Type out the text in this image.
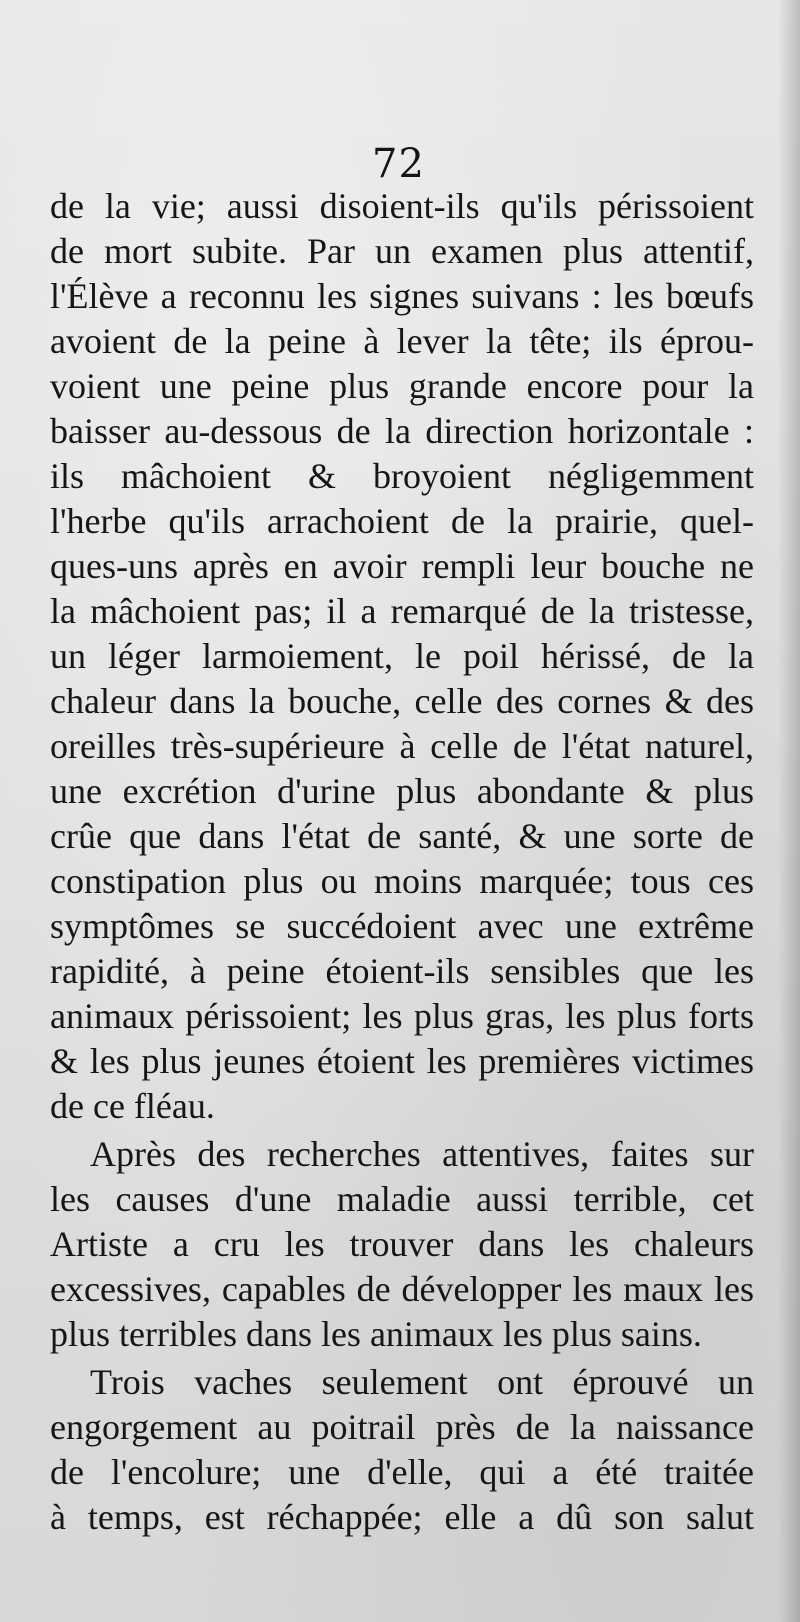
72
de la vie; aussi disoient-ils qu'ils périssoient
de mort subite. Par un examen plus attentif,
l'Élève a reconnu les signes suivans : les bœufs
avoient de la peine à lever la tête; ils éprou-
voient une peine plus grande encore pour la
baisser au-dessous de la direction horizontale :
ils mâchoient & broyoient négligemment
l'herbe qu'ils arrachoient de la prairie, quel-
ques-uns après en avoir rempli leur bouche ne
la mâchoient pas; il a remarqué de la tristesse,
un léger larmoiement, le poil hérissé, de la
chaleur dans la bouche, celle des cornes & des
oreilles très-supérieure à celle de l'état naturel,
une excrétion d'urine plus abondante & plus
crûe que dans l'état de santé, & une sorte de
constipation plus ou moins marquée; tous ces
symptômes se succédoient avec une extrême
rapidité, à peine étoient-ils sensibles que les
animaux périssoient; les plus gras, les plus forts
& les plus jeunes étoient les premières victimes
de ce fléau.
Après des recherches attentives, faites sur
les causes d'une maladie aussi terrible, cet
Artiste a cru les trouver dans les chaleurs
excessives, capables de développer les maux les
plus terribles dans les animaux les plus sains.
Trois vaches seulement ont éprouvé un
engorgement au poitrail près de la naissance
de l'encolure; une d'elle, qui a été traitée
à temps, est réchappée; elle a dû son salut
